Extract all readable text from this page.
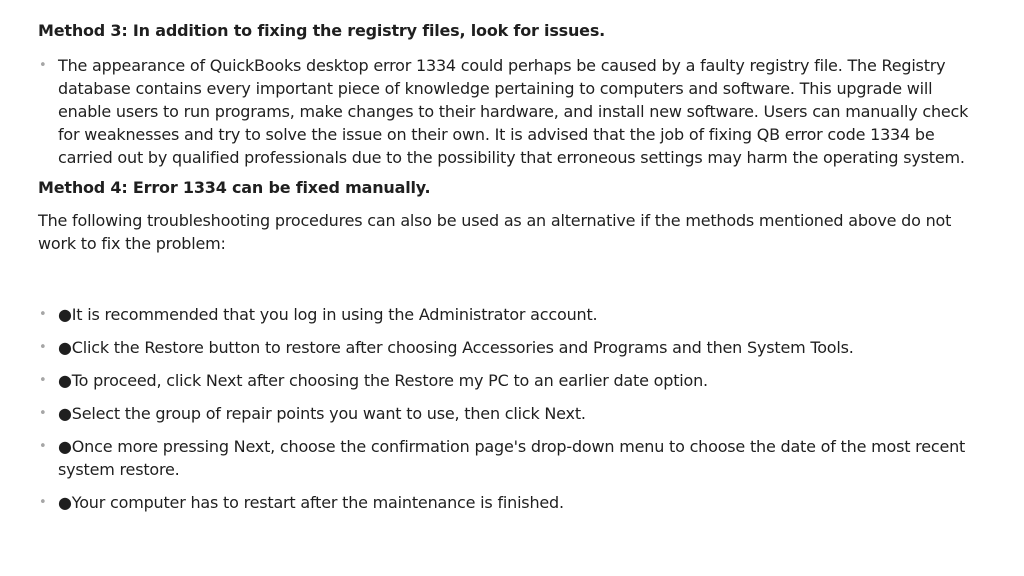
Method 3: In addition to fixing the registry files, look for issues.
• The appearance of QuickBooks desktop error 1334 could perhaps be caused by a faulty registry file. The Registry database contains every important piece of knowledge pertaining to computers and software. This upgrade will enable users to run programs, make changes to their hardware, and install new software. Users can manually check for weaknesses and try to solve the issue on their own. It is advised that the job of fixing QB error code 1334 be carried out by qualified professionals due to the possibility that erroneous settings may harm the operating system.
Method 4: Error 1334 can be fixed manually.

The following troubleshooting procedures can also be used as an alternative if the methods mentioned above do not work to fix the problem:

• ●It is recommended that you log in using the Administrator account.
• ●Click the Restore button to restore after choosing Accessories and Programs and then System Tools.
• ●To proceed, click Next after choosing the Restore my PC to an earlier date option.
• ●Select the group of repair points you want to use, then click Next.
• ●Once more pressing Next, choose the confirmation page's drop-down menu to choose the date of the most recent system restore.
• ●Your computer has to restart after the maintenance is finished.
